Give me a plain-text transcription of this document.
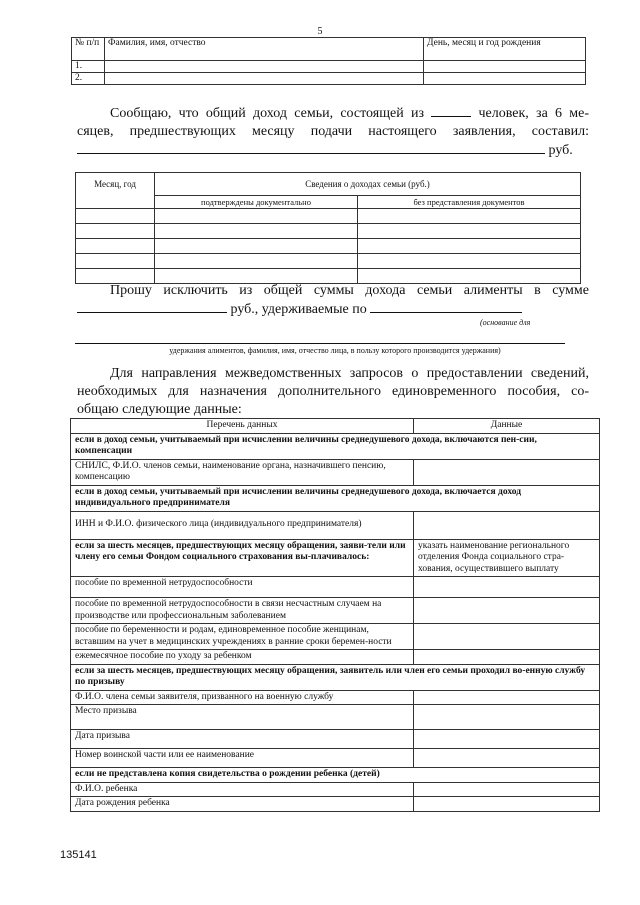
5
№ п/п	Фамилия, имя, отчество	День, месяц и год рождения
1.		
2.		
Сообщаю, что общий доход семьи, состоящей из	человек, за 6 ме-
сяцев, предшествующих месяцу подачи настоящего заявления, составил:
руб.
Месяц, год	Сведения о доходах семьи (руб.)	
	подтверждены документально	без представления документов

Прошу исключить из общей суммы дохода семьи алименты в сумме
руб., удерживаемые по
(основание для
удержания алиментов, фамилия, имя, отчество лица, в пользу которого производится удержания)
Для направления межведомственных запросов о предоставлении сведений,
необходимых для назначения дополнительного единовременного пособия, со-
общаю следующие данные:
Перечень данных	Данные
если в доход семьи, учитываемый при исчислении величины среднедушевого дохода, включаются пен-сии, компенсации	
СНИЛС, Ф.И.О. членов семьи, наименование органа, назначившего пенсию, компенсацию	
если в доход семьи, учитываемый при исчислении величины среднедушевого дохода, включается доход индивидуального предпринимателя	
ИНН и Ф.И.О. физического лица (индивидуального предпринимателя)	
если за шесть месяцев, предшествующих месяцу обращения, заяви-тели или члену его семьи Фондом социального страхования вы-плачивалось:	указать наименование регионального отделения Фонда социального стра-хования, осуществившего выплату
пособие по временной нетрудоспособности	
пособие по временной нетрудоспособности в связи несчастным случаем на производстве или профессиональным заболеванием	
пособие по беременности и родам, единовременное пособие женщинам, вставшим на учет в медицинских учреждениях в ранние сроки беремен-ности	
ежемесячное пособие по уходу за ребенком	
если за шесть месяцев, предшествующих месяцу обращения, заявитель или член его семьи проходил во-енную службу по призыву	
Ф.И.О. члена семьи заявителя, призванного на военную службу	
Место призыва	
Дата призыва	
Номер воинской части или ее наименование	
если не представлена копия свидетельства о рождении ребенка (детей)	
Ф.И.О. ребенка	
Дата рождения ребенка	
135141
